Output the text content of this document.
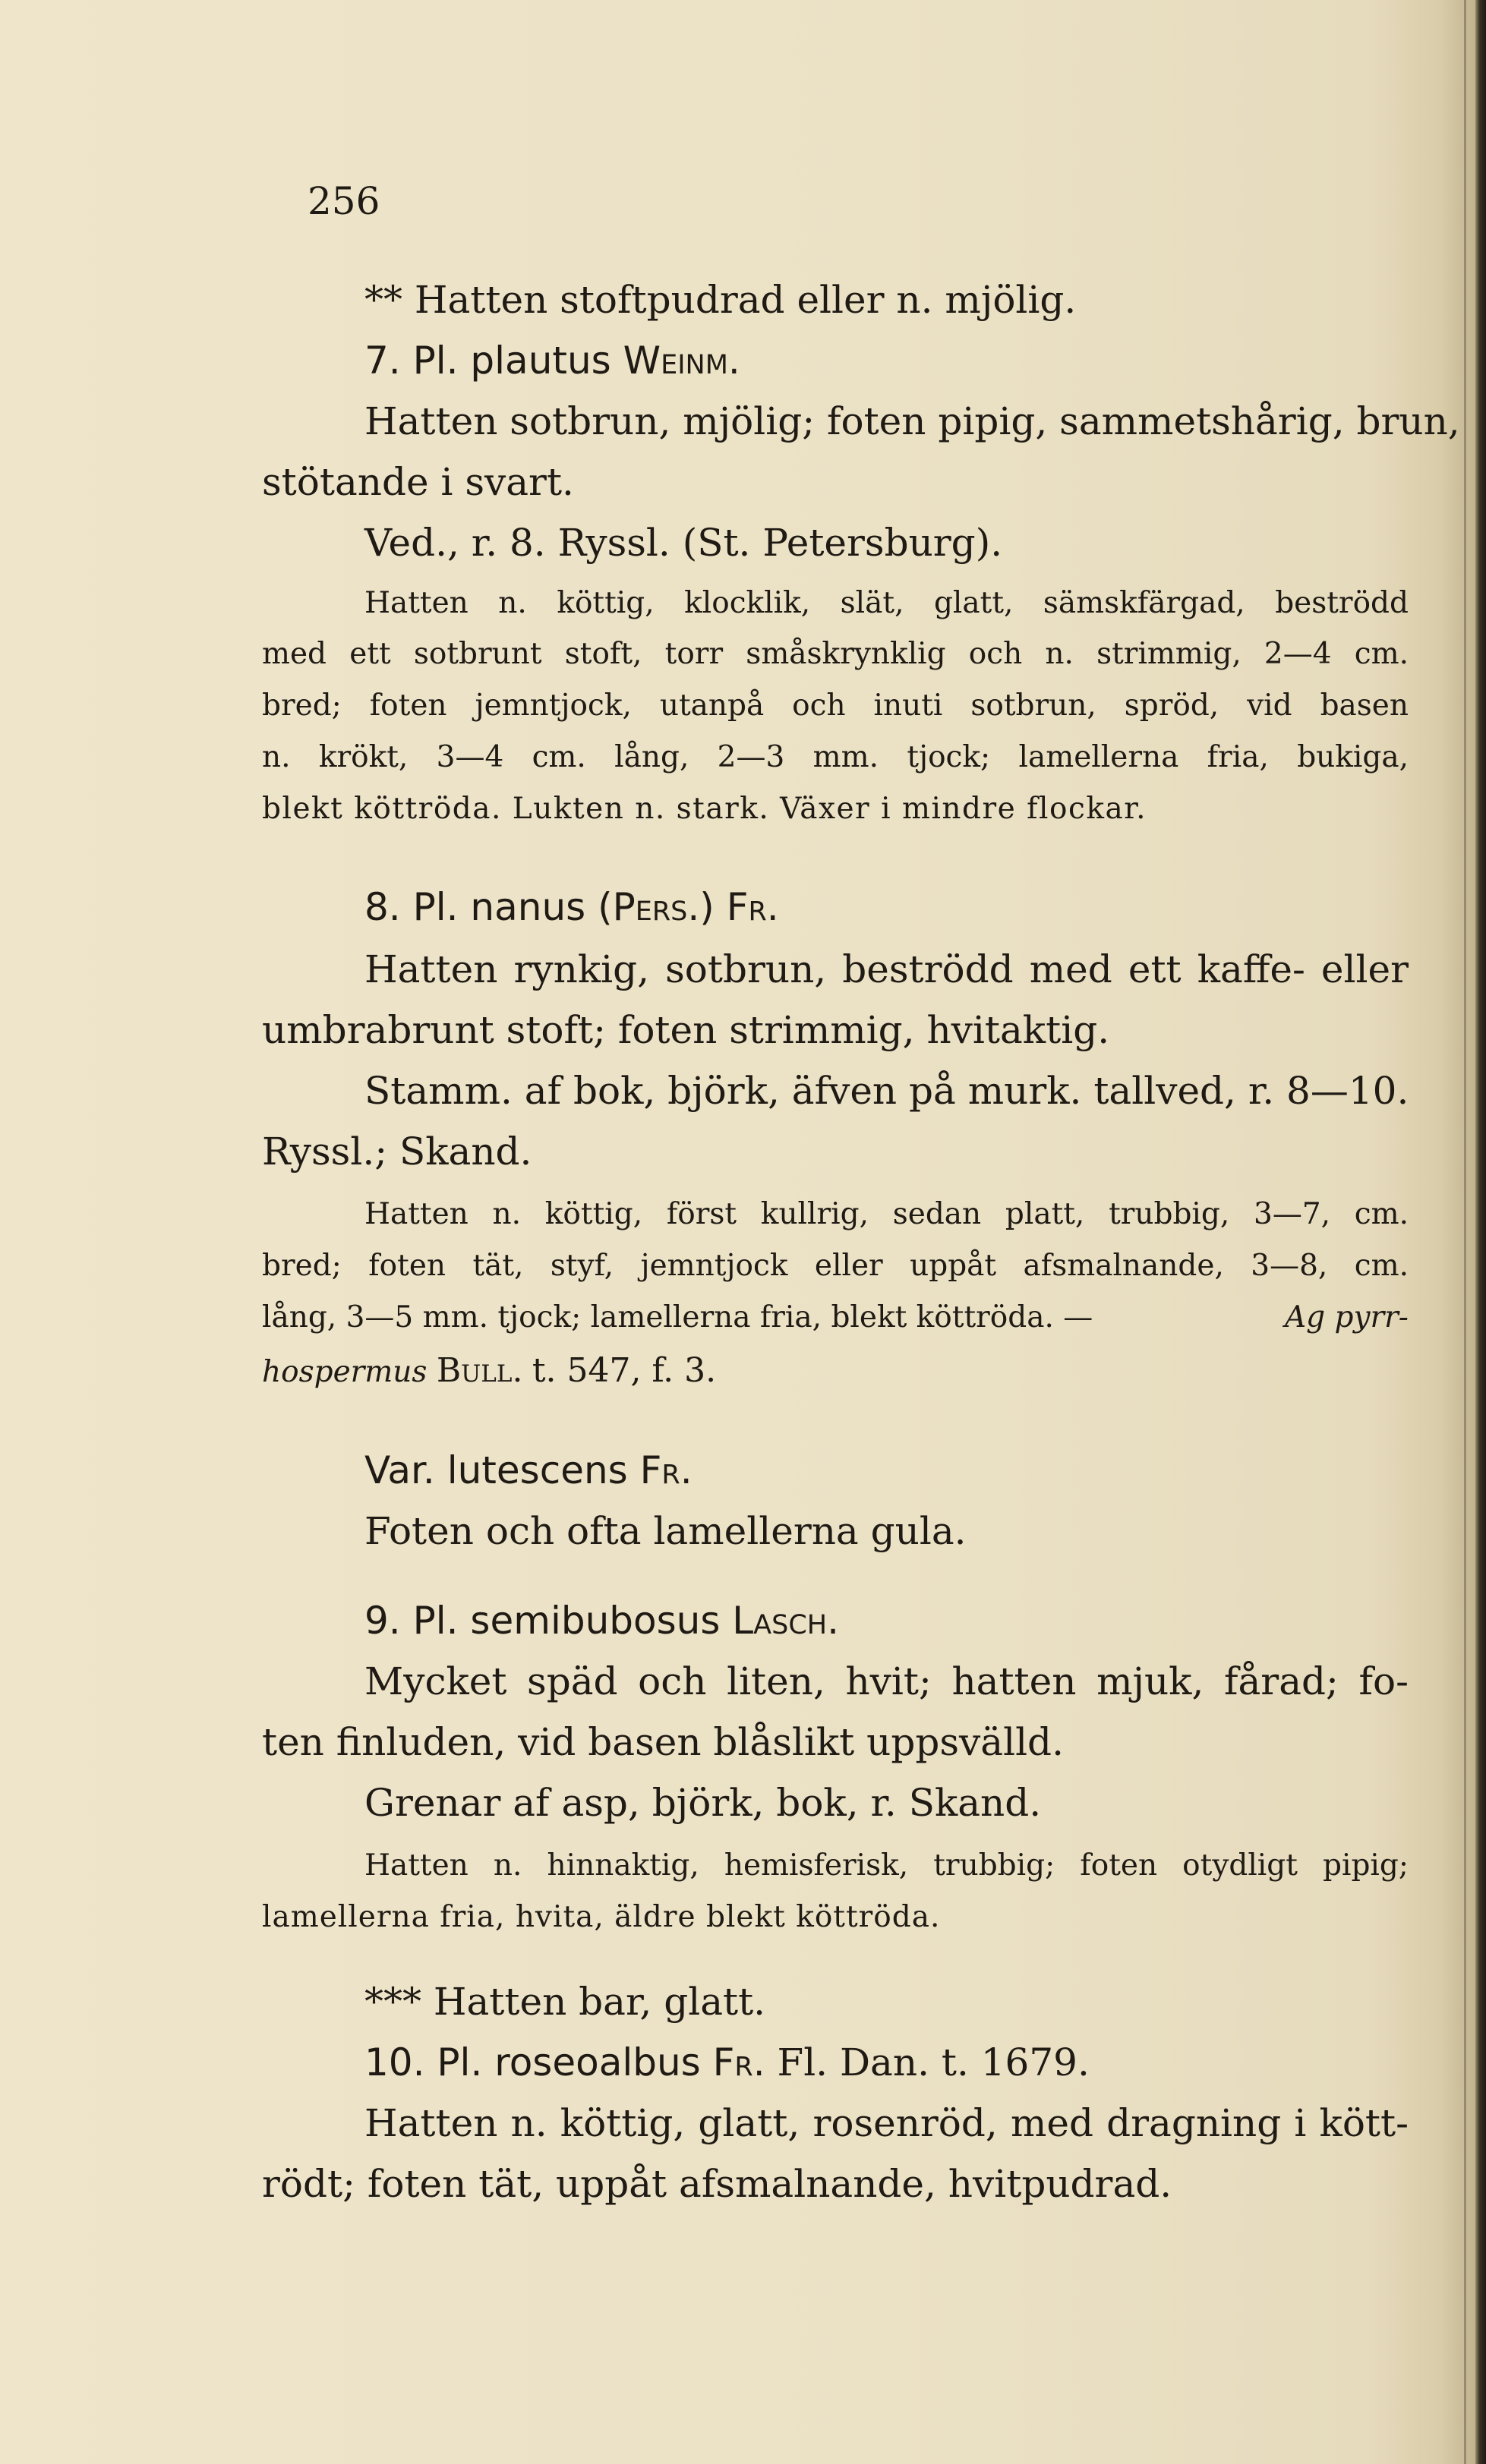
256
** Hatten stoftpudrad eller n. mjölig.
7. Pl. plautus Weinm.
Hatten sotbrun, mjölig; foten pipig, sammetshårig, brun,
stötande i svart.
Ved., r. 8. Ryssl. (St. Petersburg).
Hatten n. köttig, klocklik, slät, glatt, sämskfärgad, beströdd
med ett sotbrunt stoft, torr småskrynklig och n. strimmig, 2—4 cm.
bred; foten jemntjock, utanpå och inuti sotbrun, spröd, vid basen
n. krökt, 3—4 cm. lång, 2—3 mm. tjock; lamellerna fria, bukiga,
blekt köttröda. Lukten n. stark. Växer i mindre flockar.
8. Pl. nanus (Pers.) Fr.
Hatten rynkig, sotbrun, beströdd med ett kaffe- eller
umbrabrunt stoft; foten strimmig, hvitaktig.
Stamm. af bok, björk, äfven på murk. tallved, r. 8—10.
Ryssl.; Skand.
Hatten n. köttig, först kullrig, sedan platt, trubbig, 3—7, cm.
bred; foten tät, styf, jemntjock eller uppåt afsmalnande, 3—8, cm.
lång, 3—5 mm. tjock; lamellerna fria, blekt köttröda. —	Ag pyrr-
hospermus Bull. t. 547, f. 3.
Var. lutescens Fr.
Foten och ofta lamellerna gula.
9. Pl. semibubosus Lasch.
Mycket späd och liten, hvit; hatten mjuk, fårad; fo-
ten finluden, vid basen blåslikt uppsvälld.
Grenar af asp, björk, bok, r. Skand.
Hatten n. hinnaktig, hemisferisk, trubbig; foten otydligt pipig;
lamellerna fria, hvita, äldre blekt köttröda.
*** Hatten bar, glatt.
10. Pl. roseoalbus Fr. Fl. Dan. t. 1679.
Hatten n. köttig, glatt, rosenröd, med dragning i kött-
rödt; foten tät, uppåt afsmalnande, hvitpudrad.
